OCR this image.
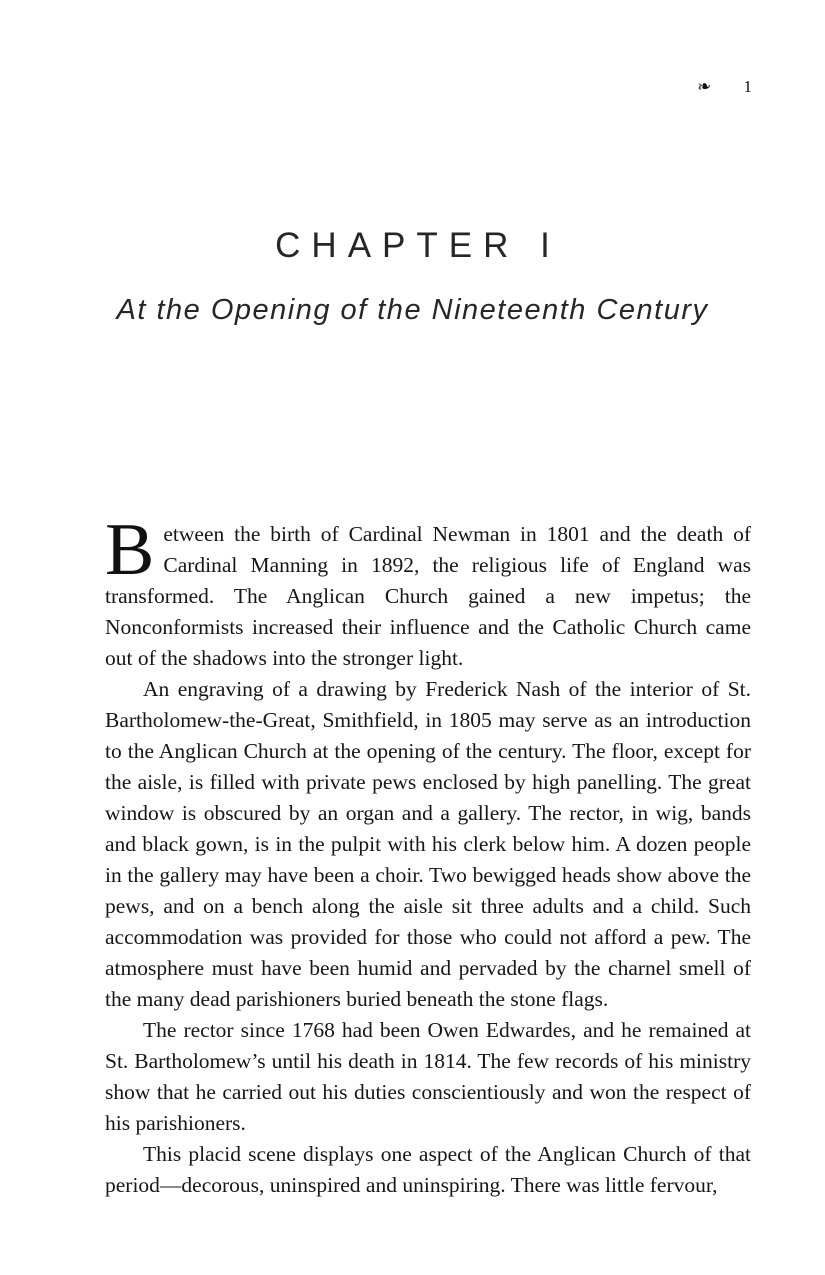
❧ 1
CHAPTER I
At the Opening of the Nineteenth Century

Between the birth of Cardinal Newman in 1801 and the death of Cardinal Manning in 1892, the religious life of England was transformed. The Anglican Church gained a new impetus; the Nonconformists increased their influence and the Catholic Church came out of the shadows into the stronger light.

An engraving of a drawing by Frederick Nash of the interior of St. Bartholomew-the-Great, Smithfield, in 1805 may serve as an introduction to the Anglican Church at the opening of the century. The floor, except for the aisle, is filled with private pews enclosed by high panelling. The great window is obscured by an organ and a gallery. The rector, in wig, bands and black gown, is in the pulpit with his clerk below him. A dozen people in the gallery may have been a choir. Two bewigged heads show above the pews, and on a bench along the aisle sit three adults and a child. Such accommodation was provided for those who could not afford a pew. The atmosphere must have been humid and pervaded by the charnel smell of the many dead parishioners buried beneath the stone flags.

The rector since 1768 had been Owen Edwardes, and he remained at St. Bartholomew’s until his death in 1814. The few records of his ministry show that he carried out his duties conscientiously and won the respect of his parishioners.

This placid scene displays one aspect of the Anglican Church of that period—decorous, uninspired and uninspiring. There was little fervour,
